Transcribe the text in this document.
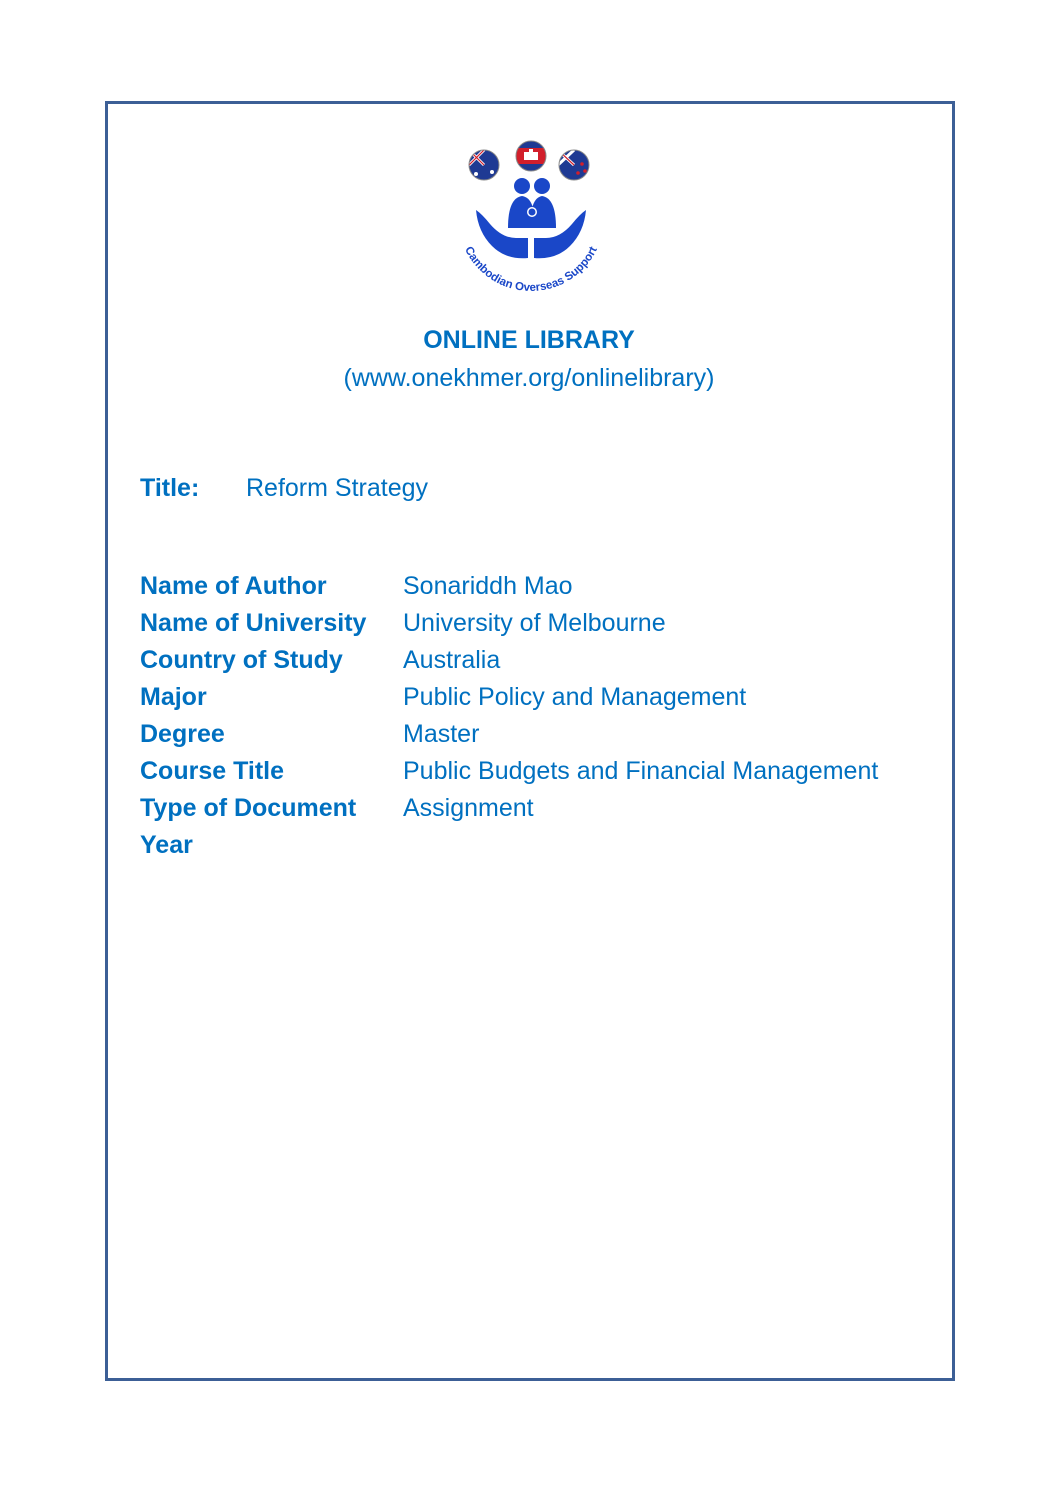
Cambodian Overseas Support
ONLINE LIBRARY
(www.onekhmer.org/onlinelibrary)
Title: Reform Strategy
Name of Author	Sonariddh Mao
Name of University	University of Melbourne
Country of Study	Australia
Major	Public Policy and Management
Degree	Master
Course Title	Public Budgets and Financial Management
Type of Document	Assignment
Year
